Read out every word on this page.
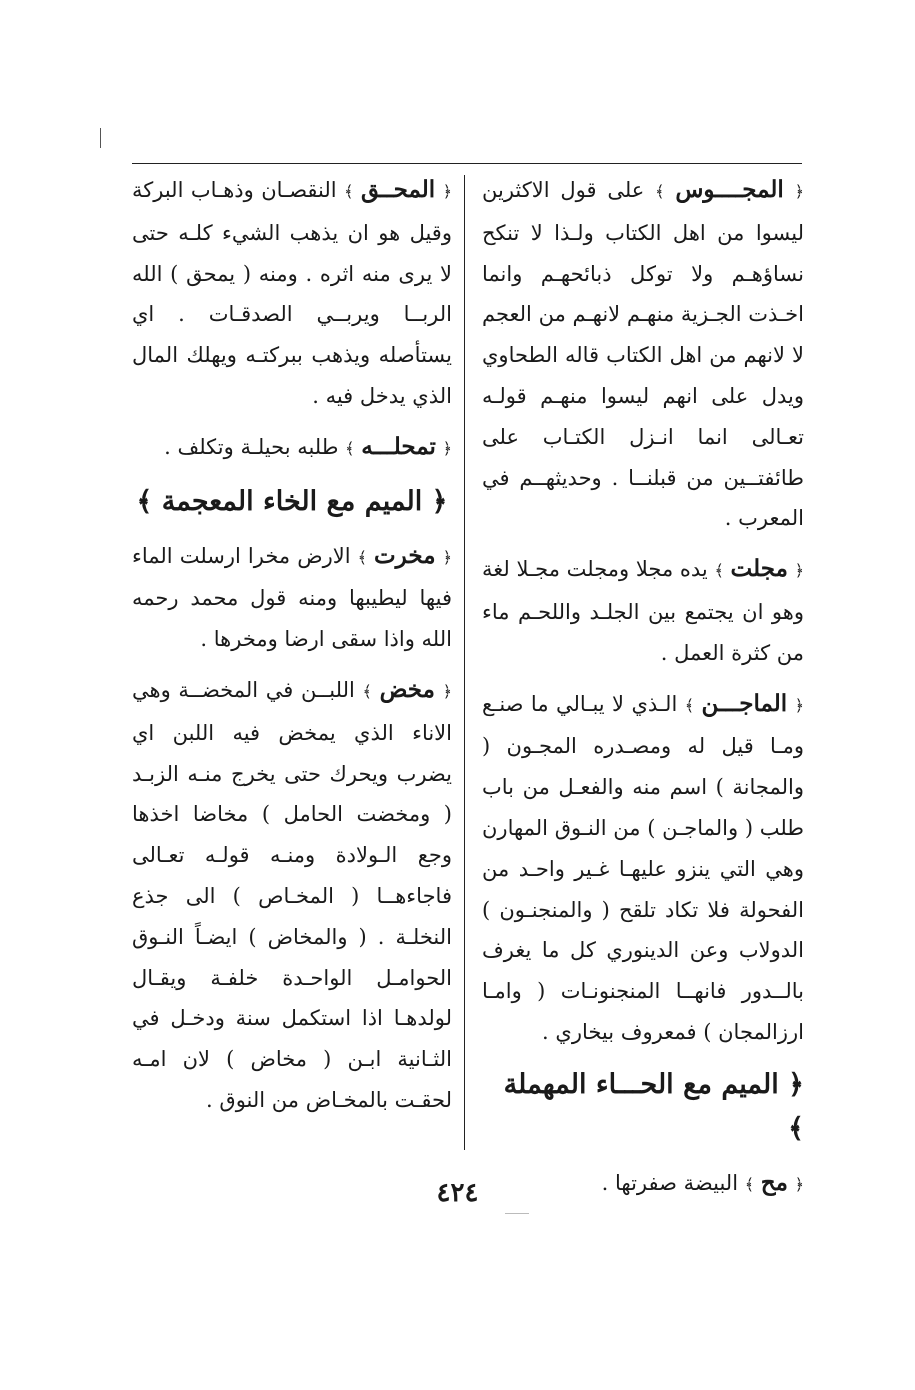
﴿ المجــــوس ﴾ على قول الاكثرين ليسوا من اهل الكتاب ولـذا لا تنكح نساؤهـم ولا توكل ذبائحهـم وانما اخـذت الجـزية منهـم لانهـم من العجم لا لانهم من اهل الكتاب قاله الطحاوي ويدل على انهم ليسوا منهـم قولـه تعـالى انما انـزل الكتـاب على طائفتــين من قبلنــا . وحديثهــم في المعرب .
﴿ مجلت ﴾ يده مجلا ومجلت مجـلا لغة وهو ان يجتمع بين الجلـد واللحـم ماء من كثرة العمل .
﴿ الماجـــن ﴾ الـذي لا يبـالي ما صنـع ومـا قيل له ومصـدره المجـون ( والمجانة ) اسم منه والفعـل من باب طلب ( والماجـن ) من النـوق المهارن وهي التي ينزو عليهـا غـير واحـد من الفحولة فلا تكاد تلقح ( والمنجنـون ) الدولاب وعن الدينوري كل ما يغرف بالــدور فانهــا المنجنونـات ( وامـا ارزالمجان ) فمعروف بيخاري .
﴿ الميم مع الحـــاء المهملة ﴾
﴿ مح ﴾ البيضة صفرتها .
﴿ المحــق ﴾ النقصـان وذهـاب البركة وقيل هو ان يذهب الشيء كلـه حتى لا يرى منه اثره . ومنه ( يمحق ) الله الربــا ويربــي الصدقـات . اي يستأصله ويذهب ببركتـه ويهلك المال الذي يدخل فيه .
﴿ تمحلـــه ﴾ طلبه بحيلـة وتكلف .
﴿ الميم مع الخاء المعجمة ﴾
﴿ مخرت ﴾ الارض مخرا ارسلت الماء فيها ليطيبها ومنه قول محمد رحمه الله واذا سقى ارضا ومخرها .
﴿ مخض ﴾ اللبــن في المخضــة وهي الاناء الذي يمخض فيه اللبن اي يضرب ويحرك حتى يخرج منـه الزبـد ( ومخضت الحامل ) مخاضا اخذها وجع الـولادة ومنـه قولـه تعـالى فاجاءهــا ( المخـاص ) الى جذع النخلـة . ( والمخاض ) ايضـاً النـوق الحوامـل الواحـدة خلفـة ويقـال لولدهـا اذا استكمل سنة ودخـل في الثـانية ابـن ( مخاض ) لان امـه لحقـت بالمخـاض من النوق .
٤٢٤
